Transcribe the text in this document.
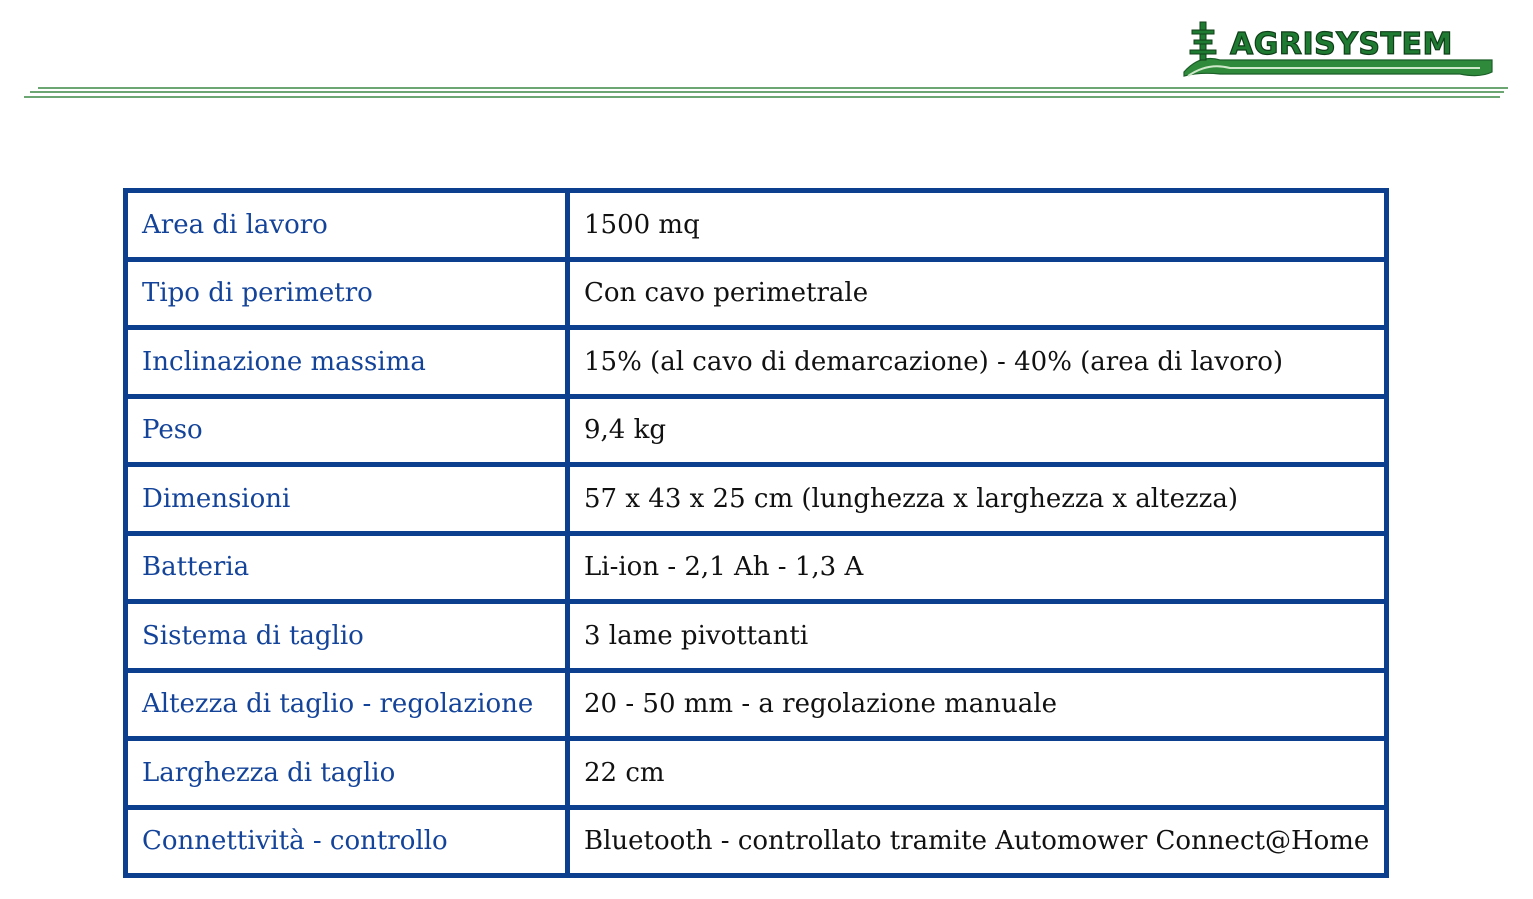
AGRISYSTEM
Area di lavoro	1500 mq
Tipo di perimetro	Con cavo perimetrale
Inclinazione massima	15% (al cavo di demarcazione) - 40% (area di lavoro)
Peso	9,4 kg
Dimensioni	57 x 43 x 25 cm (lunghezza x larghezza x altezza)
Batteria	Li-ion - 2,1 Ah - 1,3 A
Sistema di taglio	3 lame pivottanti
Altezza di taglio - regolazione	20 - 50 mm - a regolazione manuale
Larghezza di taglio	22 cm
Connettività - controllo	Bluetooth - controllato tramite Automower Connect@Home
